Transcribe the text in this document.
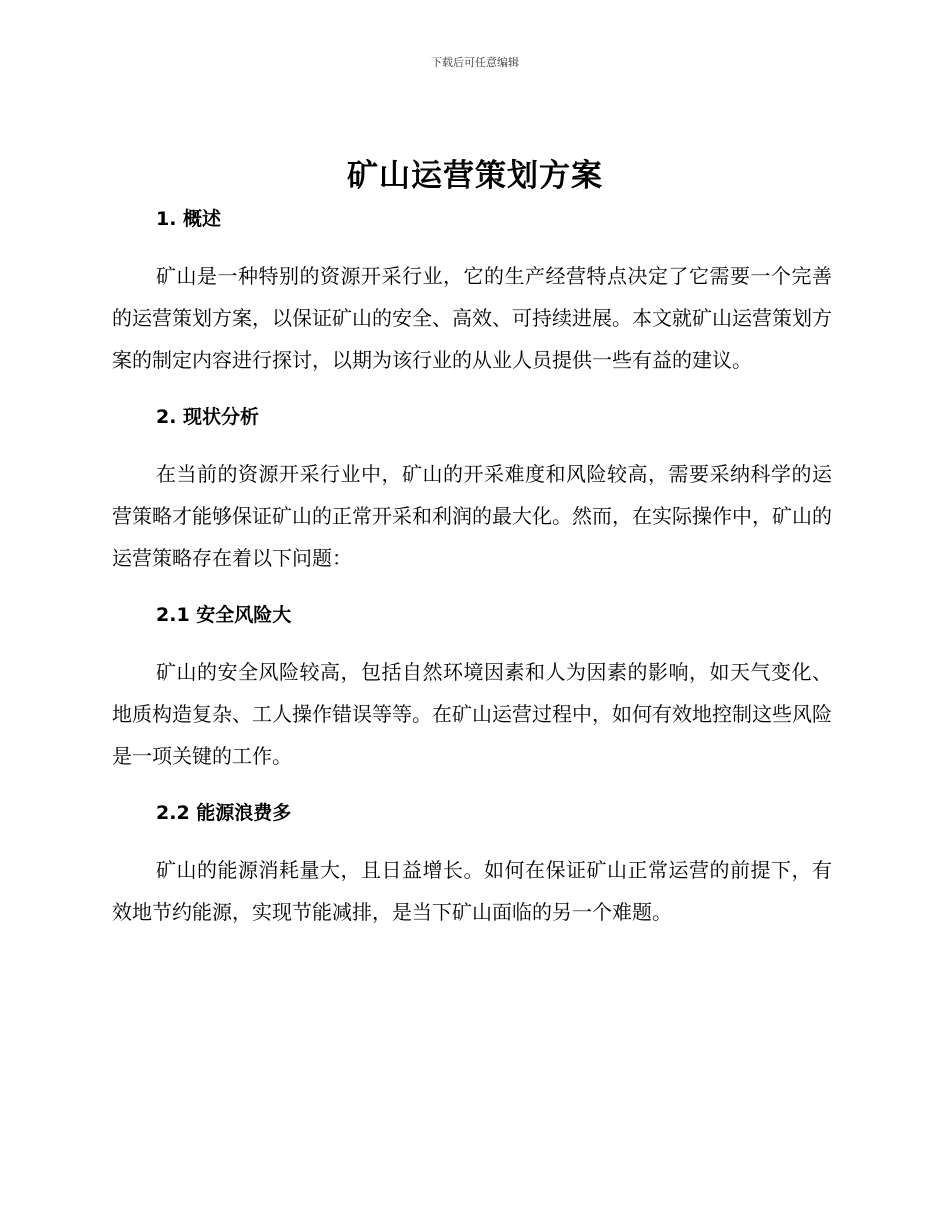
下载后可任意编辑
矿山运营策划方案

1. 概述

矿山是一种特别的资源开采行业，它的生产经营特点决定了它需要一个完善的运营策划方案，以保证矿山的安全、高效、可持续进展。本文就矿山运营策划方案的制定内容进行探讨，以期为该行业的从业人员提供一些有益的建议。

2. 现状分析

在当前的资源开采行业中，矿山的开采难度和风险较高，需要采纳科学的运营策略才能够保证矿山的正常开采和利润的最大化。然而，在实际操作中，矿山的运营策略存在着以下问题：

2.1 安全风险大

矿山的安全风险较高，包括自然环境因素和人为因素的影响，如天气变化、地质构造复杂、工人操作错误等等。在矿山运营过程中，如何有效地控制这些风险是一项关键的工作。

2.2 能源浪费多

矿山的能源消耗量大，且日益增长。如何在保证矿山正常运营的前提下，有效地节约能源，实现节能减排，是当下矿山面临的另一个难题。
